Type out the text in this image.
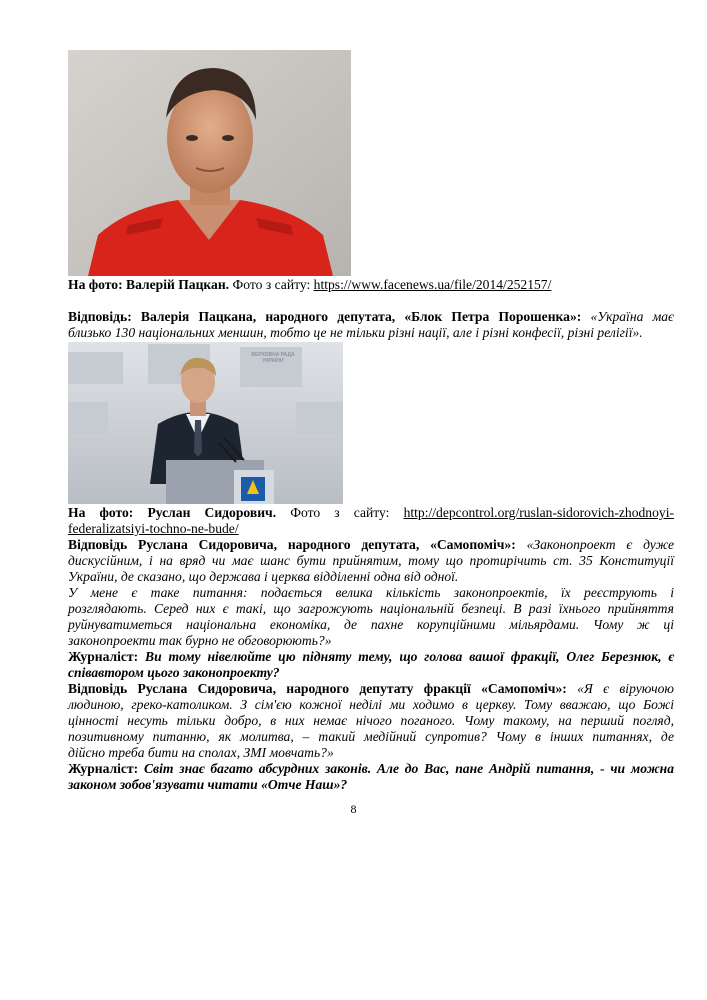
На фото: Валерій Пацкан. Фото з сайту: https://www.facenews.ua/file/2014/252157/
Відповідь: Валерія Пацкана, народного депутата, «Блок Петра Порошенка»: «Україна має
близько 130 національних меншин, тобто це не тільки різні нації, але і різні конфесії, різні релігії».
ВЕРХОВНА РАДА УКРАЇНИ
На фото: Руслан Сидорович. Фото з сайту: http://depcontrol.org/ruslan-sidorovich-zhodnoyi-
federalizatsiyi-tochno-ne-bude/
Відповідь Руслана Сидоровича, народного депутата, «Самопоміч»: «Законопроект є дуже
дискусійним, і на вряд чи має шанс бути прийнятим, тому що протирічить ст. 35 Конституції
України, де сказано, що держава і церква відділенні одна від одної.
У мене є таке питання: подається велика кількість законопроектів, їх реєструють і
розглядають. Серед них є такі, що загрожують національній безпеці. В разі їхнього прийняття
руйнуватиметься національна економіка, де пахне корупційними мільярдами. Чому ж ці
законопроекти так бурно не обговорюють?»
Журналіст: Ви тому нівелюйте цю підняту тему, що голова вашої фракції, Олег Березнюк, є
співавтором цього законопроекту?
Відповідь Руслана Сидоровича, народного депутату фракції «Самопоміч»: «Я є віруючою
людиною, греко-католиком. З сім'єю кожної неділі ми ходимо в церкву. Тому вважаю, що Божі
цінності несуть тільки добро, в них немає нічого поганого. Чому такому, на перший погляд,
позитивному питанню, як молитва, – такий медійний супротив? Чому в інших питаннях, де
дійсно треба бити на сполах, ЗМІ мовчать?»
Журналіст: Світ знає багато абсурдних законів. Але до Вас, пане Андрій питання, - чи можна
законом зобов'язувати читати «Отче Наш»?
8
